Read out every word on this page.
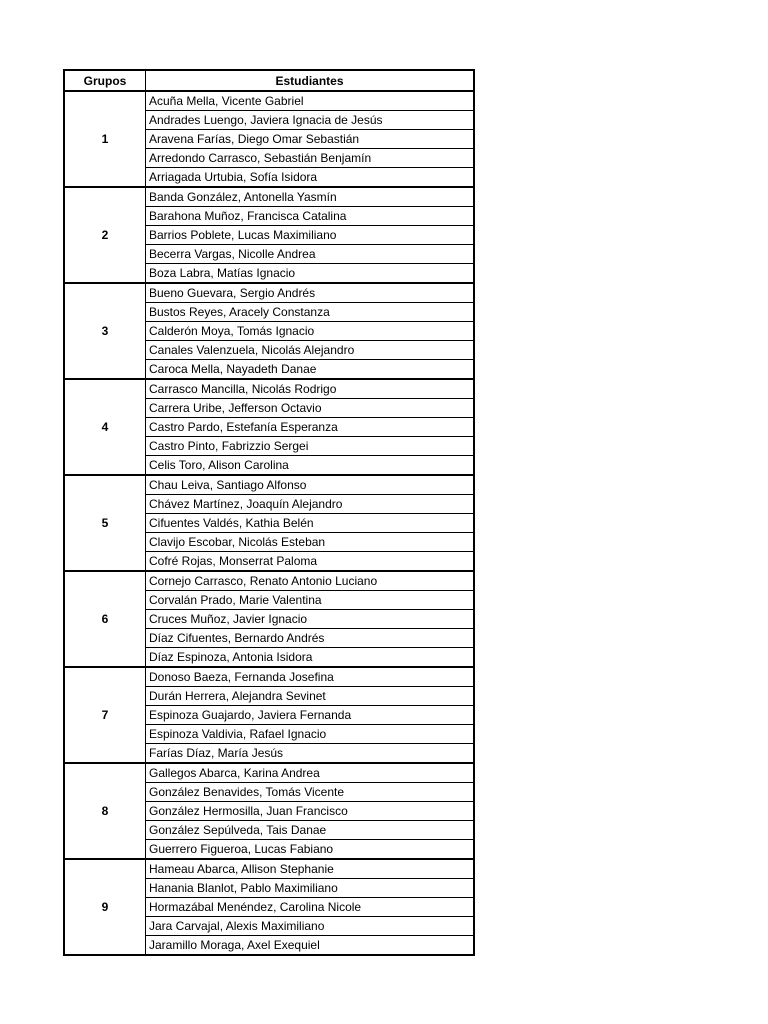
Grupos	Estudiantes
1	Acuña Mella, Vicente Gabriel
	Andrades Luengo, Javiera Ignacia de Jesús
	Aravena Farías, Diego Omar Sebastián
	Arredondo Carrasco, Sebastián Benjamín
	Arriagada Urtubia, Sofía Isidora
2	Banda González, Antonella Yasmín
	Barahona Muñoz, Francisca Catalina
	Barrios Poblete, Lucas Maximiliano
	Becerra Vargas, Nicolle Andrea
	Boza Labra, Matías Ignacio
3	Bueno Guevara, Sergio Andrés
	Bustos Reyes, Aracely Constanza
	Calderón Moya, Tomás Ignacio
	Canales Valenzuela, Nicolás Alejandro
	Caroca Mella, Nayadeth Danae
4	Carrasco Mancilla, Nicolás Rodrigo
	Carrera Uribe, Jefferson Octavio
	Castro Pardo, Estefanía Esperanza
	Castro Pinto, Fabrizzio Sergei
	Celis Toro, Alison Carolina
5	Chau Leiva, Santiago Alfonso
	Chávez Martínez, Joaquín Alejandro
	Cifuentes Valdés, Kathia Belén
	Clavijo Escobar, Nicolás Esteban
	Cofré Rojas, Monserrat Paloma
6	Cornejo Carrasco, Renato Antonio Luciano
	Corvalán Prado, Marie Valentina
	Cruces Muñoz, Javier Ignacio
	Díaz Cifuentes, Bernardo Andrés
	Díaz Espinoza, Antonia Isidora
7	Donoso Baeza, Fernanda Josefina
	Durán Herrera, Alejandra Sevinet
	Espinoza Guajardo, Javiera Fernanda
	Espinoza Valdivia, Rafael Ignacio
	Farías Díaz, María Jesús
8	Gallegos Abarca, Karina Andrea
	González Benavides, Tomás Vicente
	González Hermosilla, Juan Francisco
	González Sepúlveda, Tais Danae
	Guerrero Figueroa, Lucas Fabiano
9	Hameau Abarca, Allison Stephanie
	Hanania Blanlot, Pablo Maximiliano
	Hormazábal Menéndez, Carolina Nicole
	Jara Carvajal, Alexis Maximiliano
	Jaramillo Moraga, Axel Exequiel
